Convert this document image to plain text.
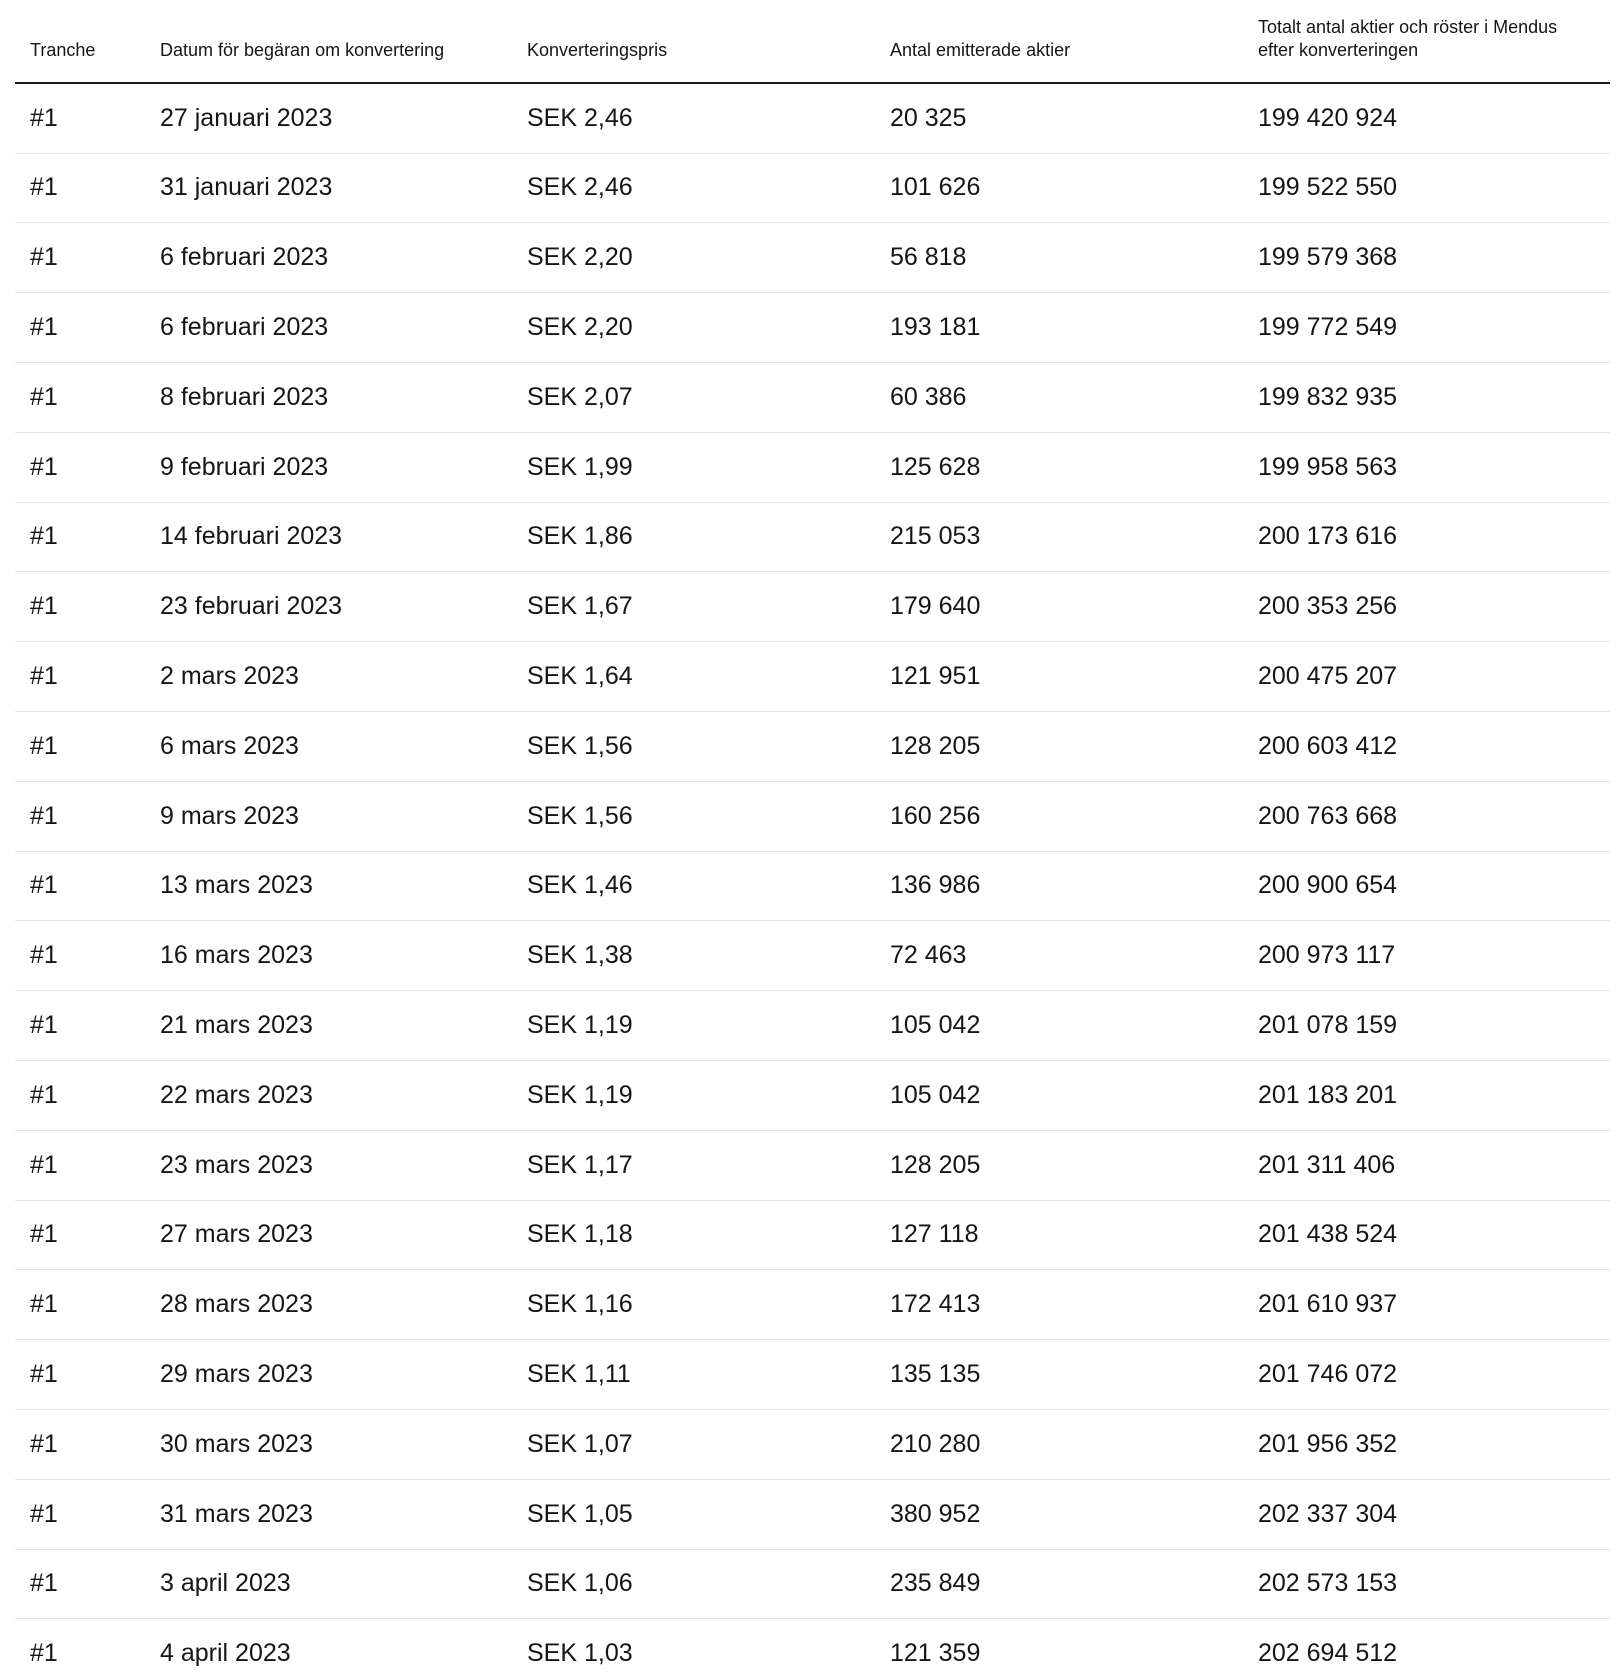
Tranche	Datum för begäran om konvertering	Konverteringspris	Antal emitterade aktier	Totalt antal aktier och röster i Mendus efter konverteringen
#1	27 januari 2023	SEK 2,46	20 325	199 420 924
#1	31 januari 2023	SEK 2,46	101 626	199 522 550
#1	6 februari 2023	SEK 2,20	56 818	199 579 368
#1	6 februari 2023	SEK 2,20	193 181	199 772 549
#1	8 februari 2023	SEK 2,07	60 386	199 832 935
#1	9 februari 2023	SEK 1,99	125 628	199 958 563
#1	14 februari 2023	SEK 1,86	215 053	200 173 616
#1	23 februari 2023	SEK 1,67	179 640	200 353 256
#1	2 mars 2023	SEK 1,64	121 951	200 475 207
#1	6 mars 2023	SEK 1,56	128 205	200 603 412
#1	9 mars 2023	SEK 1,56	160 256	200 763 668
#1	13 mars 2023	SEK 1,46	136 986	200 900 654
#1	16 mars 2023	SEK 1,38	72 463	200 973 117
#1	21 mars 2023	SEK 1,19	105 042	201 078 159
#1	22 mars 2023	SEK 1,19	105 042	201 183 201
#1	23 mars 2023	SEK 1,17	128 205	201 311 406
#1	27 mars 2023	SEK 1,18	127 118	201 438 524
#1	28 mars 2023	SEK 1,16	172 413	201 610 937
#1	29 mars 2023	SEK 1,11	135 135	201 746 072
#1	30 mars 2023	SEK 1,07	210 280	201 956 352
#1	31 mars 2023	SEK 1,05	380 952	202 337 304
#1	3 april 2023	SEK 1,06	235 849	202 573 153
#1	4 april 2023	SEK 1,03	121 359	202 694 512
